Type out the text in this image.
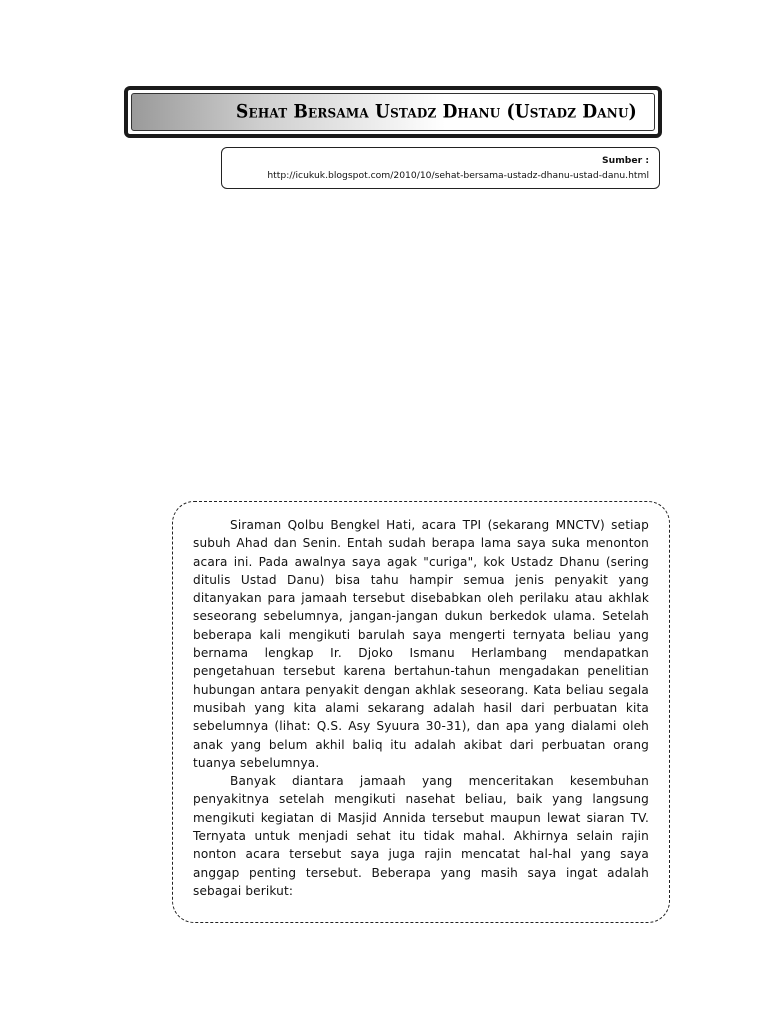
Sehat Bersama Ustadz Dhanu (Ustadz Danu)
Sumber :
http://icukuk.blogspot.com/2010/10/sehat-bersama-ustadz-dhanu-ustad-danu.html

Siraman Qolbu Bengkel Hati, acara TPI (sekarang MNCTV) setiap subuh Ahad dan Senin. Entah sudah berapa lama saya suka menonton acara ini. Pada awalnya saya agak "curiga", kok Ustadz Dhanu (sering ditulis Ustad Danu) bisa tahu hampir semua jenis penyakit yang ditanyakan para jamaah tersebut disebabkan oleh perilaku atau akhlak seseorang sebelumnya, jangan-jangan dukun berkedok ulama. Setelah beberapa kali mengikuti barulah saya mengerti ternyata beliau yang bernama lengkap Ir. Djoko Ismanu Herlambang mendapatkan pengetahuan tersebut karena bertahun-tahun mengadakan penelitian hubungan antara penyakit dengan akhlak seseorang. Kata beliau segala musibah yang kita alami sekarang adalah hasil dari perbuatan kita sebelumnya (lihat: Q.S. Asy Syuura 30-31), dan apa yang dialami oleh anak yang belum akhil baliq itu adalah akibat dari perbuatan orang tuanya sebelumnya.

Banyak diantara jamaah yang menceritakan kesembuhan penyakitnya setelah mengikuti nasehat beliau, baik yang langsung mengikuti kegiatan di Masjid Annida tersebut maupun lewat siaran TV. Ternyata untuk menjadi sehat itu tidak mahal. Akhirnya selain rajin nonton acara tersebut saya juga rajin mencatat hal-hal yang saya anggap penting tersebut. Beberapa yang masih saya ingat adalah sebagai berikut:
